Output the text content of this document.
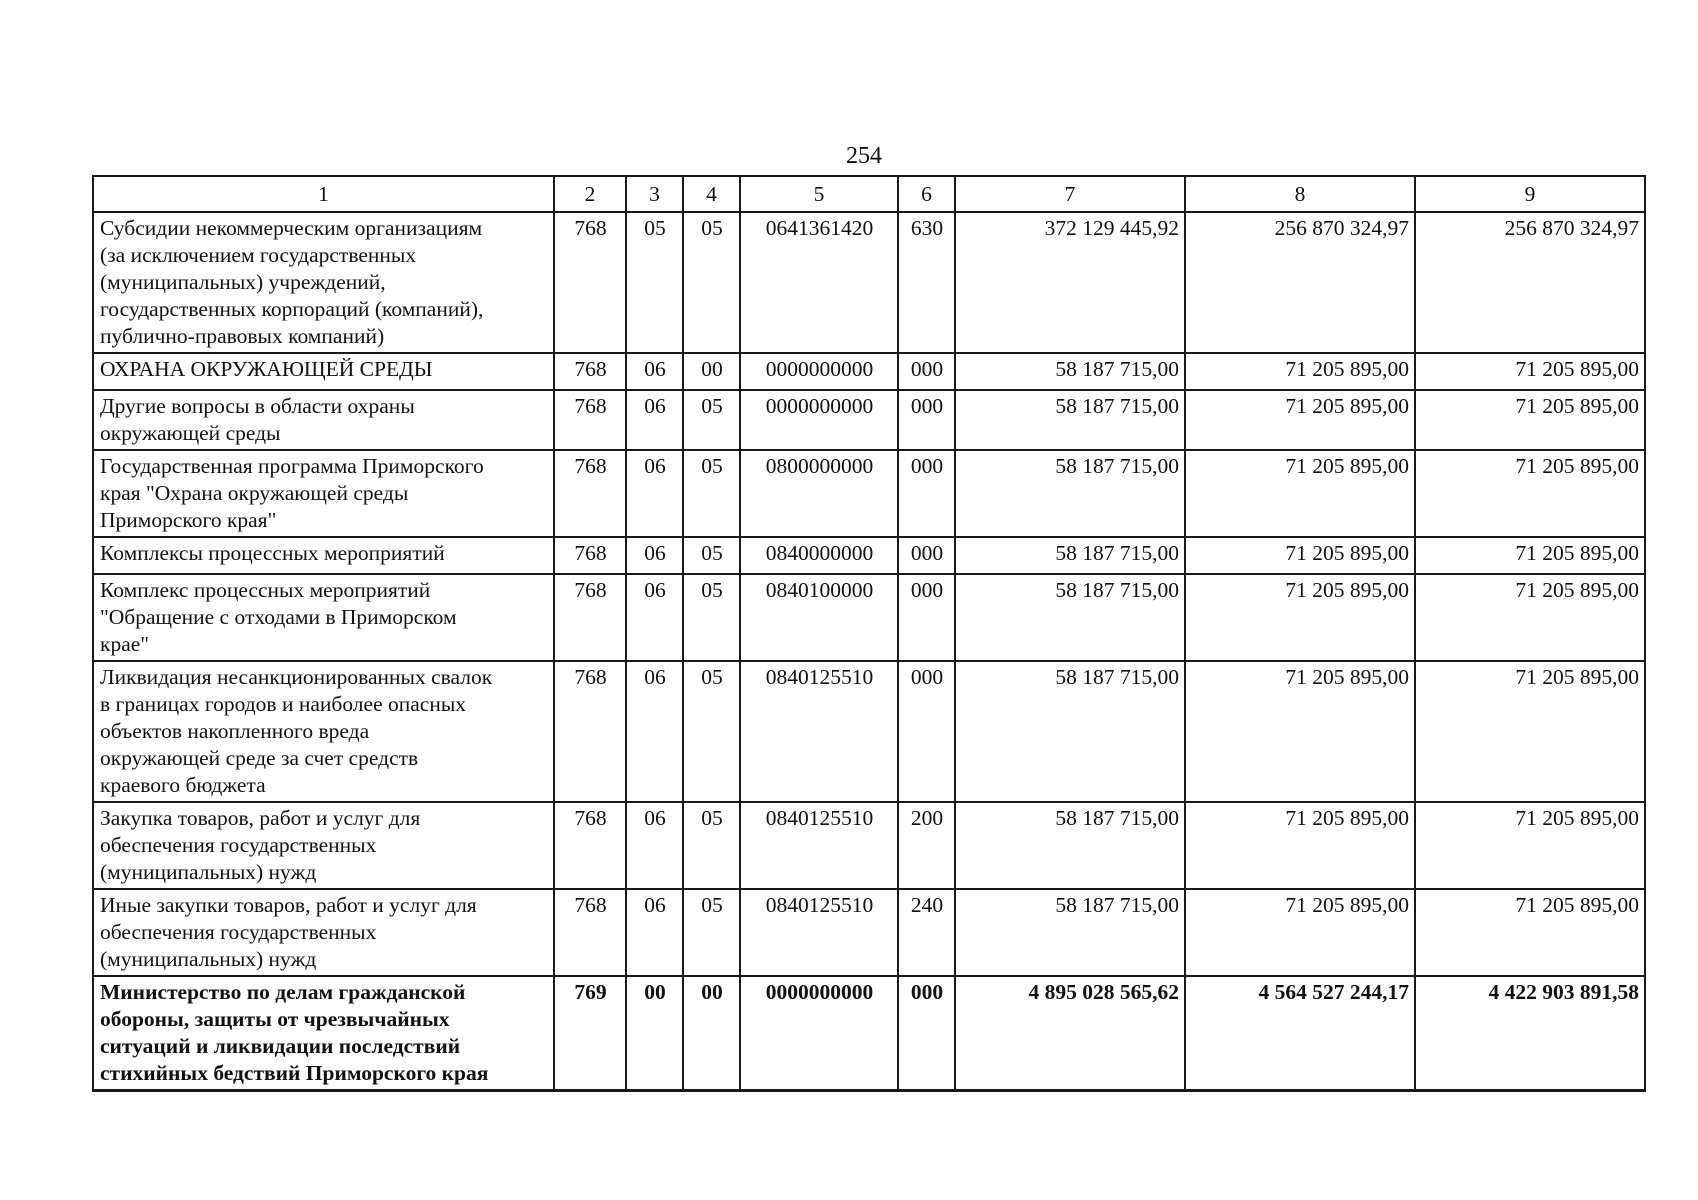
254
1	2	3	4	5	6	7	8	9
Субсидии некоммерческим организациям
(за исключением государственных
(муниципальных) учреждений,
государственных корпораций (компаний),
публично-правовых компаний)	768	05	05	0641361420	630	372 129 445,92	256 870 324,97	256 870 324,97
ОХРАНА ОКРУЖАЮЩЕЙ СРЕДЫ	768	06	00	0000000000	000	58 187 715,00	71 205 895,00	71 205 895,00
Другие вопросы в области охраны
окружающей среды	768	06	05	0000000000	000	58 187 715,00	71 205 895,00	71 205 895,00
Государственная программа Приморского
края "Охрана окружающей среды
Приморского края"	768	06	05	0800000000	000	58 187 715,00	71 205 895,00	71 205 895,00
Комплексы процессных мероприятий	768	06	05	0840000000	000	58 187 715,00	71 205 895,00	71 205 895,00
Комплекс процессных мероприятий
"Обращение с отходами в Приморском
крае"	768	06	05	0840100000	000	58 187 715,00	71 205 895,00	71 205 895,00
Ликвидация несанкционированных свалок
в границах городов и наиболее опасных
объектов накопленного вреда
окружающей среде за счет средств
краевого бюджета	768	06	05	0840125510	000	58 187 715,00	71 205 895,00	71 205 895,00
Закупка товаров, работ и услуг для
обеспечения государственных
(муниципальных) нужд	768	06	05	0840125510	200	58 187 715,00	71 205 895,00	71 205 895,00
Иные закупки товаров, работ и услуг для
обеспечения государственных
(муниципальных) нужд	768	06	05	0840125510	240	58 187 715,00	71 205 895,00	71 205 895,00
Министерство по делам гражданской
обороны, защиты от чрезвычайных
ситуаций и ликвидации последствий
стихийных бедствий Приморского края	769	00	00	0000000000	000	4 895 028 565,62	4 564 527 244,17	4 422 903 891,58
